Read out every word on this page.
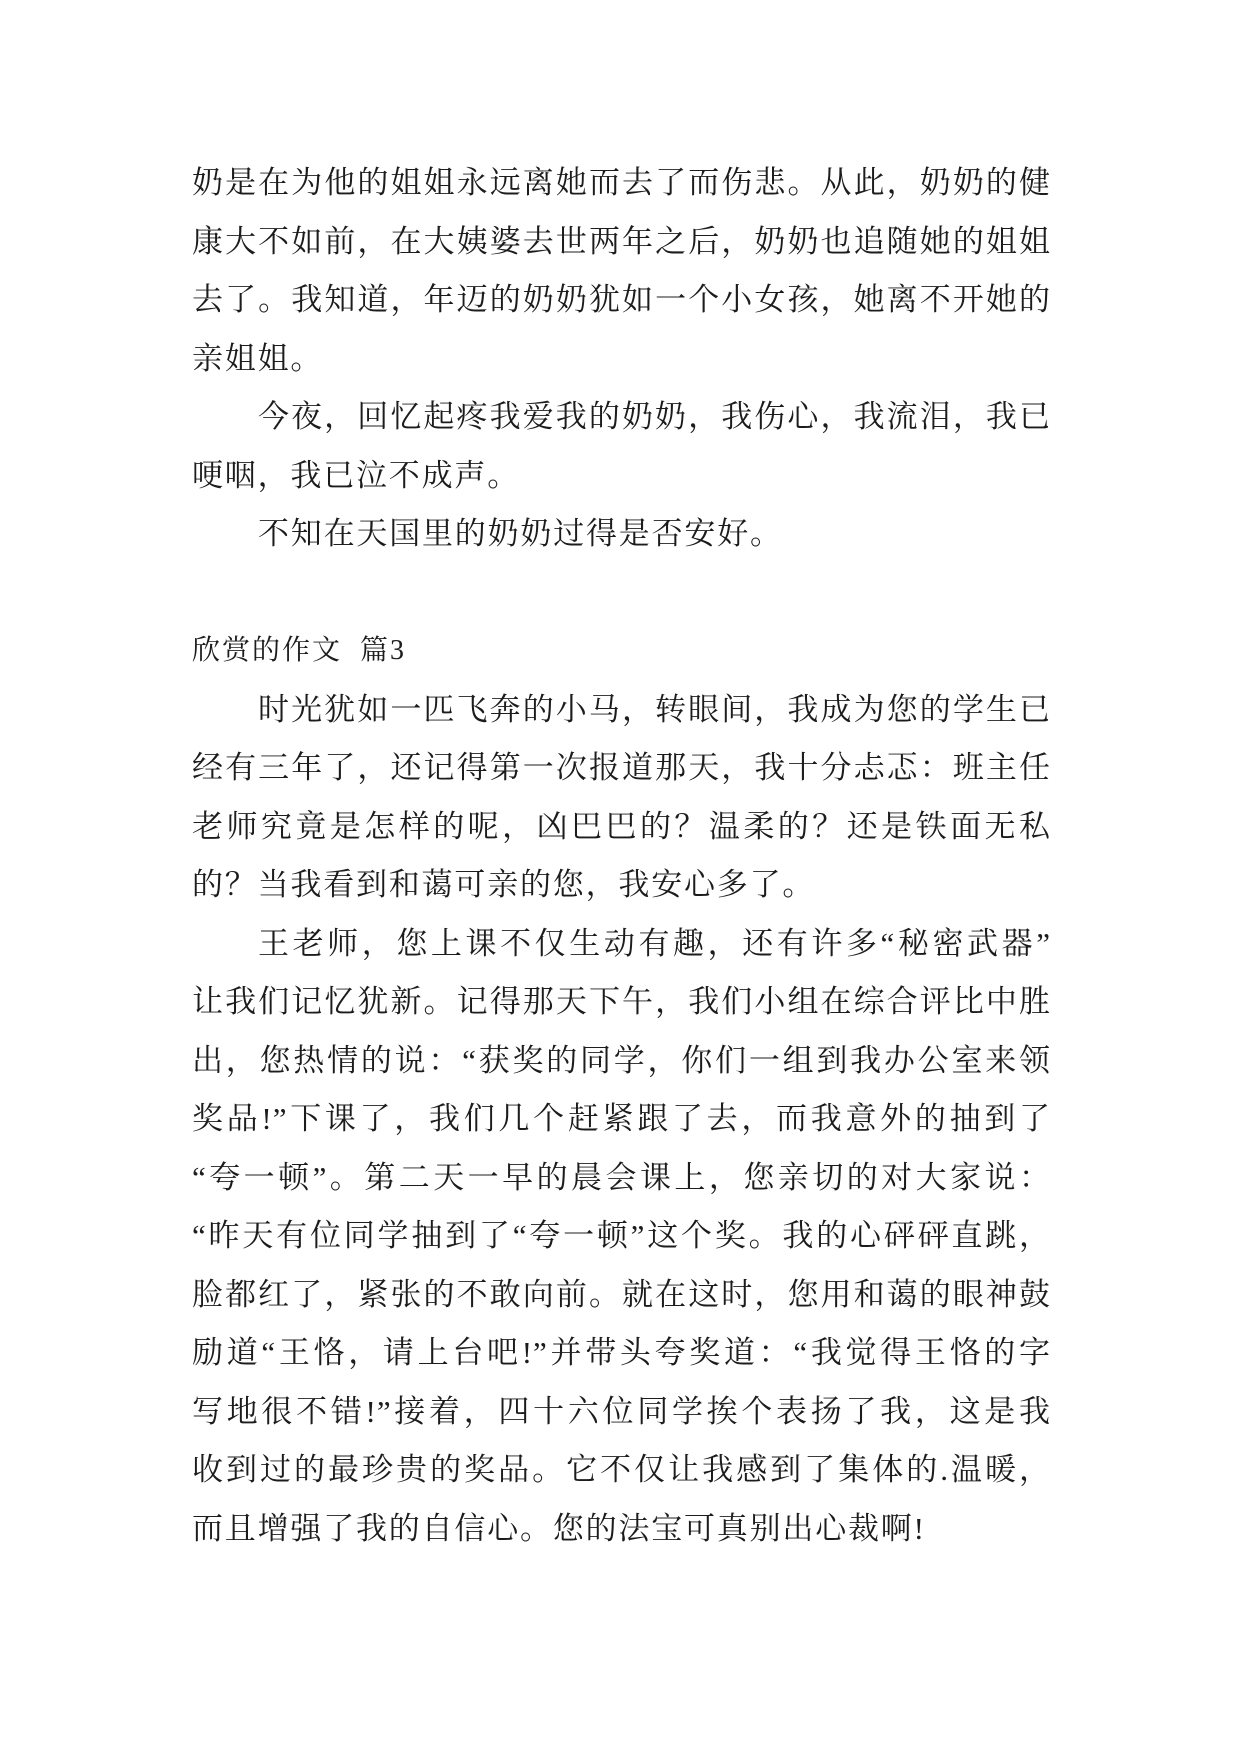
奶是在为他的姐姐永远离她而去了而伤悲。从此，奶奶的健
康大不如前，在大姨婆去世两年之后，奶奶也追随她的姐姐
去了。我知道，年迈的奶奶犹如一个小女孩，她离不开她的
亲姐姐。
今夜，回忆起疼我爱我的奶奶，我伤心，我流泪，我已
哽咽，我已泣不成声。
不知在天国里的奶奶过得是否安好。
欣赏的作文  篇3
时光犹如一匹飞奔的小马，转眼间，我成为您的学生已
经有三年了，还记得第一次报道那天，我十分忐忑：班主任
老师究竟是怎样的呢，凶巴巴的？温柔的？还是铁面无私
的？当我看到和蔼可亲的您，我安心多了。
王老师，您上课不仅生动有趣，还有许多“秘密武器”
让我们记忆犹新。记得那天下午，我们小组在综合评比中胜
出，您热情的说：“获奖的同学，你们一组到我办公室来领
奖品!”下课了，我们几个赶紧跟了去，而我意外的抽到了
“夸一顿”。第二天一早的晨会课上，您亲切的对大家说：
“昨天有位同学抽到了“夸一顿”这个奖。我的心砰砰直跳，
脸都红了，紧张的不敢向前。就在这时，您用和蔼的眼神鼓
励道“王恪，请上台吧!”并带头夸奖道：“我觉得王恪的字
写地很不错!”接着，四十六位同学挨个表扬了我，这是我
收到过的最珍贵的奖品。它不仅让我感到了集体的.温暖，
而且增强了我的自信心。您的法宝可真别出心裁啊!
